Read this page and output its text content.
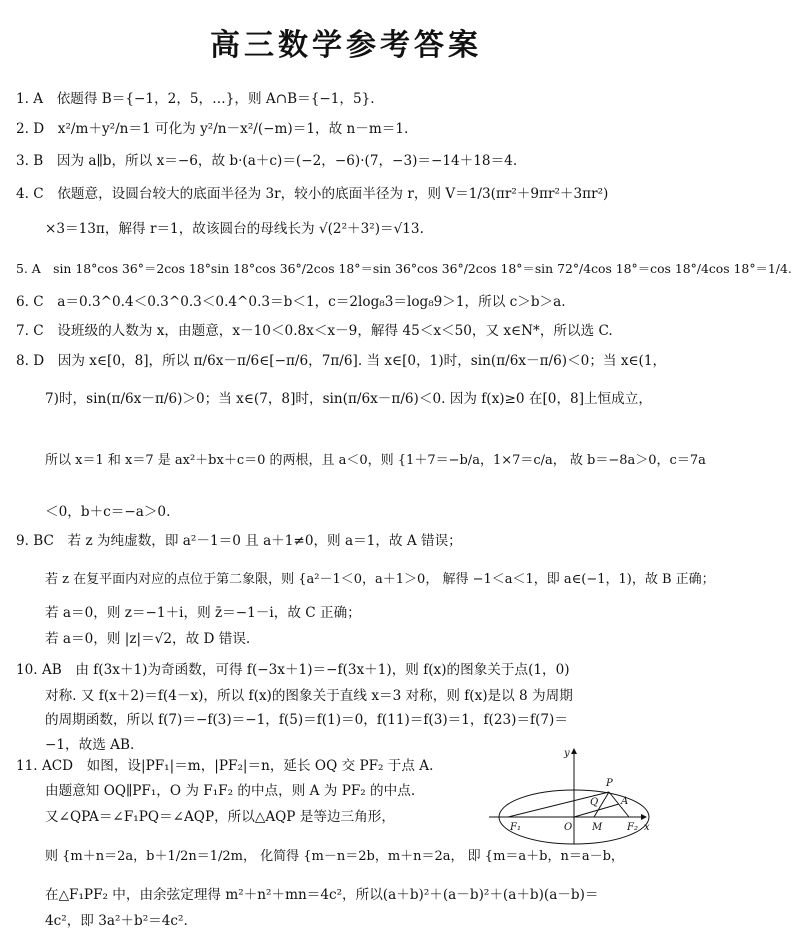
高三数学参考答案
1. A　依题得 B＝{−1，2，5，…}，则 A∩B＝{−1，5}.
2. D　x²/m＋y²/n＝1 可化为 y²/n－x²/(−m)＝1，故 n－m＝1.
3. B　因为 a∥b，所以 x＝−6，故 b·(a＋c)＝(−2，−6)·(7，−3)＝−14＋18＝4.
4. C　依题意，设圆台较大的底面半径为 3r，较小的底面半径为 r，则 V＝1/3(πr²＋9πr²＋3πr²)
×3＝13π，解得 r＝1，故该圆台的母线长为 √(2²＋3²)＝√13.
5. A　sin 18°cos 36°＝2cos 18°sin 18°cos 36°/2cos 18°＝sin 36°cos 36°/2cos 18°＝sin 72°/4cos 18°＝cos 18°/4cos 18°＝1/4.
6. C　a＝0.3^0.4＜0.3^0.3＜0.4^0.3＝b＜1，c＝2log₈3＝log₈9＞1，所以 c＞b＞a.
7. C　设班级的人数为 x，由题意，x－10＜0.8x＜x－9，解得 45＜x＜50，又 x∈N*，所以选 C.
8. D　因为 x∈[0，8]，所以 π/6x－π/6∈[−π/6，7π/6]. 当 x∈[0，1)时，sin(π/6x－π/6)＜0；当 x∈(1，
7)时，sin(π/6x－π/6)＞0；当 x∈(7，8]时，sin(π/6x－π/6)＜0. 因为 f(x)≥0 在[0，8]上恒成立，
所以 x＝1 和 x＝7 是 ax²＋bx＋c＝0 的两根，且 a＜0，则 {1＋7＝−b/a，1×7＝c/a， 故 b＝−8a＞0，c＝7a
＜0，b＋c＝−a＞0.
9. BC　若 z 为纯虚数，即 a²－1＝0 且 a＋1≠0，则 a＝1，故 A 错误；
若 z 在复平面内对应的点位于第二象限，则 {a²－1＜0，a＋1＞0， 解得 −1＜a＜1，即 a∈(−1，1)，故 B 正确；
若 a＝0，则 z＝−1＋i，则 z̄＝−1－i，故 C 正确；
若 a＝0，则 |z|＝√2，故 D 错误.
10. AB　由 f(3x＋1)为奇函数，可得 f(−3x＋1)＝−f(3x＋1)，则 f(x)的图象关于点(1，0)
对称. 又 f(x＋2)＝f(4－x)，所以 f(x)的图象关于直线 x＝3 对称，则 f(x)是以 8 为周期
的周期函数，所以 f(7)＝−f(3)＝−1，f(5)＝f(1)＝0，f(11)＝f(3)＝1，f(23)＝f(7)＝
−1，故选 AB.
11. ACD　如图，设|PF₁|＝m，|PF₂|＝n，延长 OQ 交 PF₂ 于点 A.
由题意知 OQ∥PF₁，O 为 F₁F₂ 的中点，则 A 为 PF₂ 的中点.
又∠QPA＝∠F₁PQ＝∠AQP，所以△AQP 是等边三角形，
则 {m＋n＝2a，b＋1/2n＝1/2m， 化简得 {m－n＝2b，m＋n＝2a， 即 {m＝a＋b，n＝a－b，
在△F₁PF₂ 中，由余弦定理得 m²＋n²＋mn＝4c²，所以(a＋b)²＋(a－b)²＋(a＋b)(a－b)＝
4c²，即 3a²＋b²＝4c².
y
x
P
Q A
F₁	O M F₂
